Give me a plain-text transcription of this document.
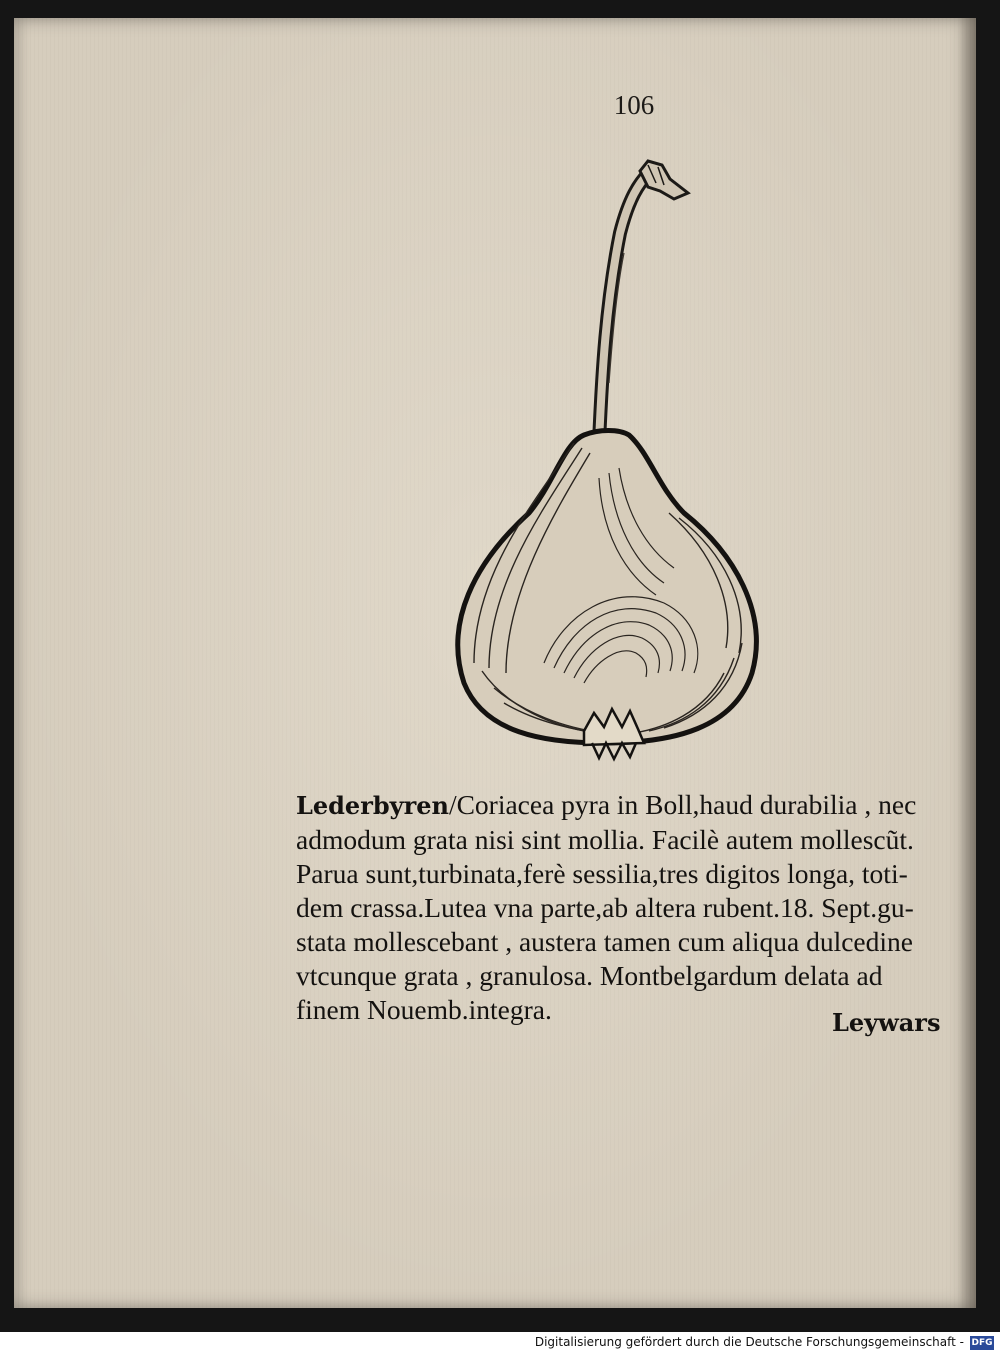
106
Lederbyren/Coriacea pyra in Boll,haud durabilia , nec
admodum grata nisi sint mollia. Facilè autem mollescũt.
Parua sunt,turbinata,ferè sessilia,tres digitos longa, toti-
dem crassa.Lutea vna parte,ab altera rubent.18. Sept.gu-
stata mollescebant , austera tamen cum aliqua dulcedine
vtcunque grata , granulosa. Montbelgardum delata ad
finem Nouemb.integra.	Leywars
Digitalisierung gefördert durch die Deutsche Forschungsgemeinschaft - DFG
